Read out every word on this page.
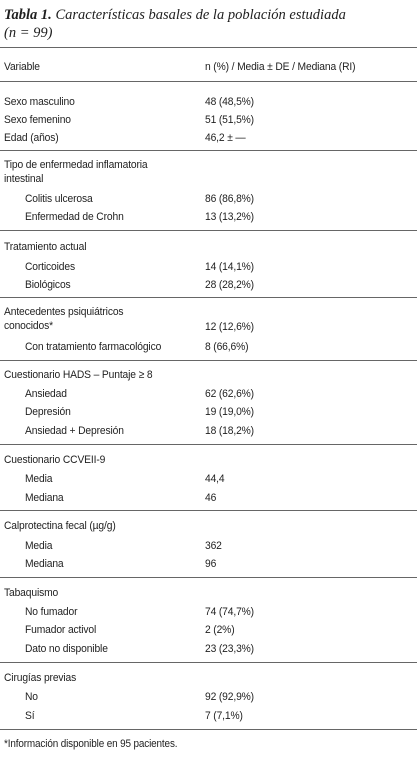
Tabla 1. Características basales de la población estudiada
(n = 99)
Variable	n (%) / Media ± DE / Mediana (RI)
Sexo masculino	48 (48,5%)
Sexo femenino	51 (51,5%)
Edad (años)	46,2 ± —
Tipo de enfermedad inflamatoria intestinal
Colitis ulcerosa	86 (86,8%)
Enfermedad de Crohn	13 (13,2%)
Tratamiento actual
Corticoides	14 (14,1%)
Biológicos	28 (28,2%)
Antecedentes psiquiátricos conocidos*	12 (12,6%)
Con tratamiento farmacológico	8 (66,6%)
Cuestionario HADS – Puntaje ≥ 8
Ansiedad	62 (62,6%)
Depresión	19 (19,0%)
Ansiedad + Depresión	18 (18,2%)
Cuestionario CCVEII-9
Media	44,4
Mediana	46
Calprotectina fecal (µg/g)
Media	362
Mediana	96
Tabaquismo
No fumador	74 (74,7%)
Fumador activol	2 (2%)
Dato no disponible	23 (23,3%)
Cirugías previas
No	92 (92,9%)
Sí	7 (7,1%)
*Información disponible en 95 pacientes.
